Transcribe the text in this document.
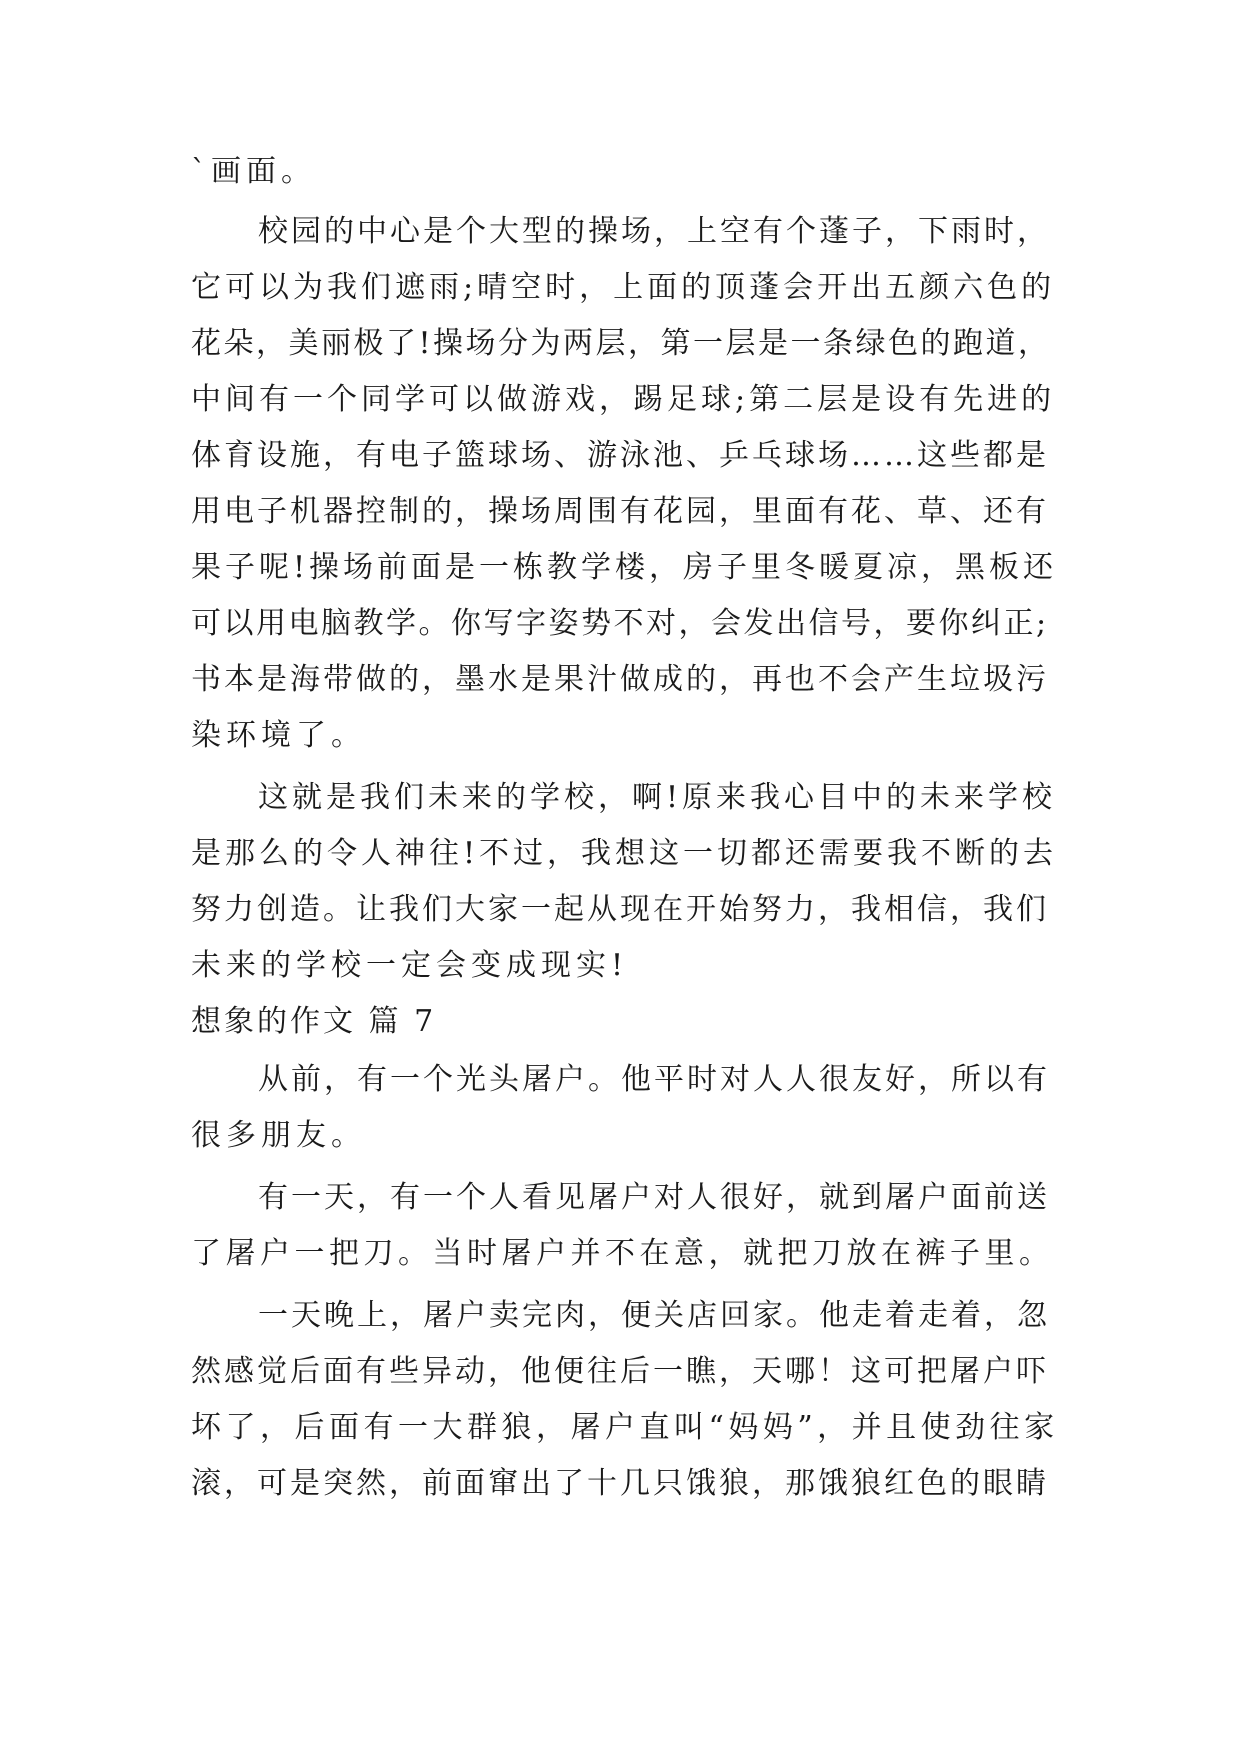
`画面。
校园的中心是个大型的操场，上空有个蓬子，下雨时，
它可以为我们遮雨;晴空时，上面的顶蓬会开出五颜六色的
花朵，美丽极了!操场分为两层，第一层是一条绿色的跑道，
中间有一个同学可以做游戏，踢足球;第二层是设有先进的
体育设施，有电子篮球场、游泳池、乒乓球场……这些都是
用电子机器控制的，操场周围有花园，里面有花、草、还有
果子呢!操场前面是一栋教学楼，房子里冬暖夏凉，黑板还
可以用电脑教学。你写字姿势不对，会发出信号，要你纠正;
书本是海带做的，墨水是果汁做成的，再也不会产生垃圾污
染环境了。
这就是我们未来的学校，啊!原来我心目中的未来学校
是那么的令人神往!不过，我想这一切都还需要我不断的去
努力创造。让我们大家一起从现在开始努力，我相信，我们
未来的学校一定会变成现实!
想象的作文 篇 7
从前，有一个光头屠户。他平时对人人很友好，所以有
很多朋友。
有一天，有一个人看见屠户对人很好，就到屠户面前送
了屠户一把刀。当时屠户并不在意，就把刀放在裤子里。
一天晚上，屠户卖完肉，便关店回家。他走着走着，忽
然感觉后面有些异动，他便往后一瞧，天哪！这可把屠户吓
坏了，后面有一大群狼，屠户直叫“妈妈”，并且使劲往家
滚，可是突然，前面窜出了十几只饿狼，那饿狼红色的眼睛
